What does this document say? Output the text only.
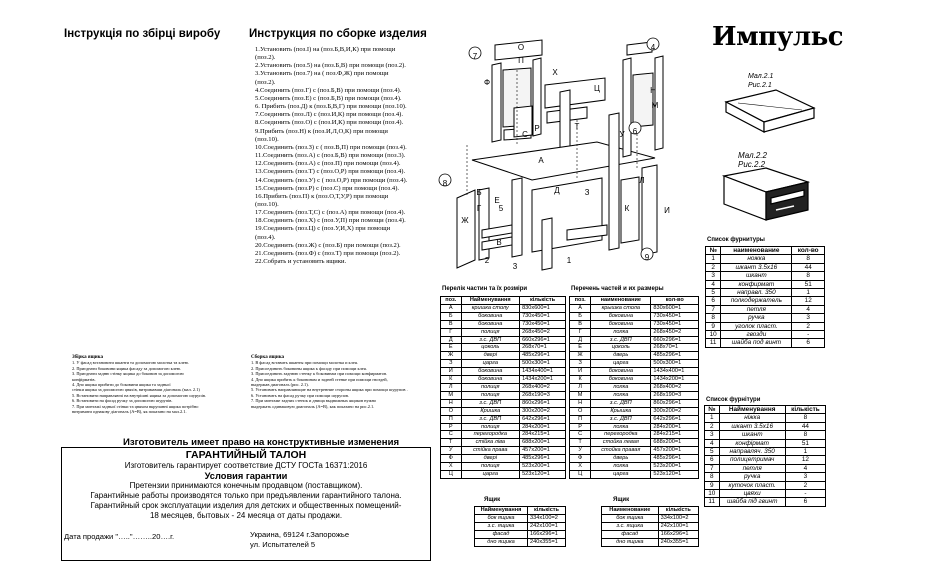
Інструкція по збірці виробу Инструкция по сборке изделия	Импульс
1.Установить (поз.І) на (поз.Б,В,И,К) при помощи
(поз.2).
2.Установить (поз.5) на (поз.Б,В) при помощи (поз.2).
3.Установить (поз.7) на ( поз.Ф,Ж) при помощи
(поз.2).
4.Соединить (поз.Г) с (поз.Б,В) при помощи (поз.4).
5.Соединить (поз.Е) с (поз.Б,В) при помощи (поз.4).
6. Прибить (поз.Д) к (поз.Б,В,Г) при помощи (поз.10).
7.Соединить (поз.Л) с (поз.И,К) при помощи (поз.4).
8.Соединить (поз.О) с (поз.И,К) при помощи (поз.4).
9.Прибить (поз.Н) к (поз.И,Л,О,К) при помощи
(поз.10).
10.Соединить (поз.З) с ( поз.В,П) при помощи (поз.4).
11.Соединить (поз.А) с (поз.Б,В) при помощи (поз.3).
12.Соединить (поз.А) с (поз.П) при помощи (поз.4).
13.Соединить (поз.Т) с (поз.О,Р) при помощи (поз.4).
14.Соединить (поз.У) с ( поз.О,Р) при помощи (поз.4).
15.Соединить (поз.Р) с (поз.С) при помощи (поз.4).
16.Прибить (поз.П) к (поз.О,Т,У,Р) при помощи
(поз.10).
17.Соединить (поз.Т,С) с (поз.А) при помощи (поз.4).
18.Соединить (поз.Х) с (поз.У,П) при помощи (поз.4).
19.Соединить (поз.Ц) с (поз.У,И,Х) при помощи
(поз.4).
20.Соединить (поз.Ж) с (поз.Б) при помощи (поз.2).
21.Соединить (поз.Ф) с (поз.Т) при помощи (поз.2).
22.Собрать и установить ящики.
Збірка ящика
1. У фасад встановити шканти та допомогою молотка та клею.
2. Приєднати боковини ящика фасаду за допомогою клею.
3. Приєднати задню стінку ящика до боковин за допомогою
конфірматів.
4. Дно ящика прибити до боковини ящика та задньої
стінки ящика за допомогою цвяхів, витримавши діагональ (мал. 2.1)
5. Встановити направляючі на внутрішні ящика за допомогою шурупів.
6. Встановити на фасад ручку за допомогою шурупів.
7. При монтажі задньої стінки та цвяхом вкрупанні ящика потрібно
витримати однакову діагональ (А=В), як показано на мал.2.1.
Сборка ящика
1. В фасад вставить шканты при помощи молотка и клея.
2. Присоединить боковины ящика к фасаду при помощи клея.
3. Присоединить заднюю стенку к боковинам при помощи конфирматов.
4. Дно ящика прибить к боковинам и задней стенке при помощи гвоздей,
выдержав диагональ (рис. 2.1).
5. Установить направляющие на внутренние стороны ящика при помощи шурупов .
6. Установить на фасад ручку при помощи шурупов.
7. При монтаже задних стенок и днища выдвижных ящиков нужно
выдержать одинаковую диагональ (А=В), как показано на рис.2.1.
Изготовитель имеет право на конструктивные изменения
ГАРАНТИЙНЫЙ ТАЛОН

Изготовитель гарантирует соответствие ДСТУ ГОСТа 16371:2016

Условия гарантии

Претензии принимаются конечным продавцом (поставщиком).

Гарантийные работы производятся только при предъявлении гарантийного талона.

Гарантийный срок эксплуатации изделия для детских и общественных помещений-

18 месяцев, бытовых - 24 месяца от даты продажи.

Дата продажи "….."……..20….г.	Украина, 69124 г.Запорожье
ул. Испытателей 5
О
П
Ф
Х
Ц	Н
М
Т
Р
С	У
А
Б
Г
Е
Д
Ж
В
З
Л
К	И
7
4
6
5
8
2
3
1	9
Мал.2.1
Рис.2.1
Мал.2.2
Рис.2.2
Перелік частин та їх розміри
поз.	Найменування	кількість
А	кришка столу	830x600=1
Б	боковина	730x450=1
В	боковина	730x450=1
Г	полиця	268x450=2
Д	з.с. ДВП	660x296=1
Е	цоколь	268x70=1
Ж	двері	485x296=1
З	царга	500x300=1
И	боковина	1434x400=1
К	боковина	1434x200=1
Л	полиця	268x400=2
М	полиця	268x190=3
Н	з.с. ДВП	860x296=1
О	Кришка	300x200=2
П	з.с. ДВП	642x296=1
Р	полиця	284x200=1
С	перегородка	284x215=1
Т	стійка ліва	688x200=1
У	стійка права	457x200=1
Ф	двері	485x296=1
Х	полиця	523x200=1
Ц	царга	523x120=1
Перечень частей и их размеры
поз.	наименование	кол-во
А	крышка стола	830x600=1
Б	боковина	730x450=1
В	боковина	730x450=1
Г	полка	268x450=2
Д	з.с. ДВП	660x296=1
Е	цоколь	268x70=1
Ж	дверь	485x296=1
З	царга	500x300=1
И	боковина	1434x400=1
К	боковина	1434x200=1
Л	полка	268x400=2
М	полка	268x190=3
Н	з.с. ДВП	860x296=1
О	Крышка	300x200=2
П	з.с. ДВП	642x296=1
Р	полка	284x200=1
С	перегородка	284x215=1
Т	стойка левая	688x200=1
У	стойка правая	457x200=1
Ф	дверь	485x296=1
Х	полка	523x200=1
Ц	царга	523x120=1
Ящик
Найменування	кількість
бок ящика	334x100=2
з.с. ящика	242x100=1
фасад	166x296=1
дно ящика	240x355=1
Ящик
Наименование	кількість
бок ящика	334x100=2
з.с. ящика	242x100=1
фасад	166x296=1
дно ящика	240x355=1
Список фурнитуры
№	наименование	кол-во
1	ножка	8
2	шкант 3.5х16	44
3	шкант	8
4	конфирмат	51
5	направл. 350	1
6	полкодержатель	12
7	петля	4
8	ручка	3
9	уголок пласт.	2
10	гвозди	-
11	шайба под винт	6
Список фурнітури
№	Найменування	кількість
1	ніжка	8
2	шкант 3.5х16	44
3	шкант	8
4	конфірмат	51
5	направляч. 350	1
6	полицетримач	12
7	петля	4
8	ручка	3
9	куточок пласт.	2
10	цвяхи	-
11	шайба під гвинт	6
